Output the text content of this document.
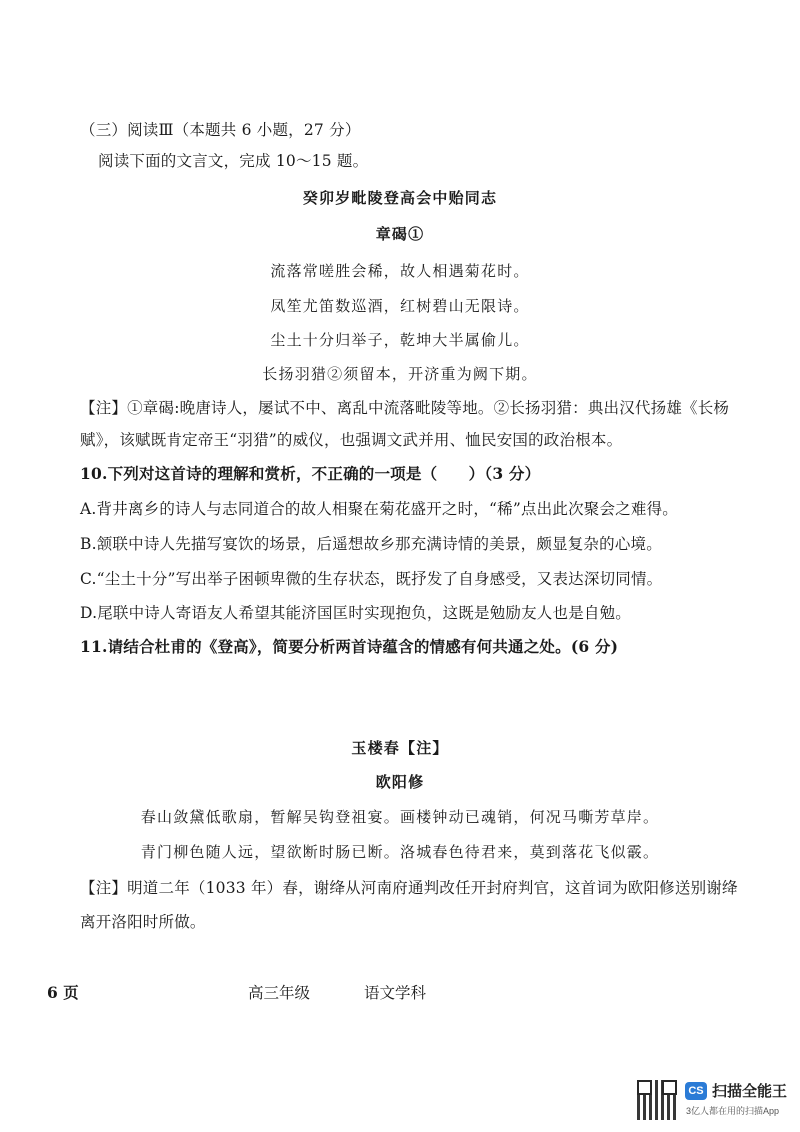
（三）阅读Ⅲ（本题共 6 小题，27 分）
阅读下面的文言文，完成 10～15 题。
癸卯岁毗陵登高会中贻同志
章碣①
流落常嗟胜会稀，故人相遇菊花时。
凤笙尤笛数巡酒，红树碧山无限诗。
尘土十分归举子，乾坤大半属偷儿。
长扬羽猎②须留本，开济重为阙下期。
【注】①章碣:晚唐诗人，屡试不中、离乱中流落毗陵等地。②长扬羽猎：典出汉代扬雄《长杨
赋》，该赋既肯定帝王“羽猎”的威仪，也强调文武并用、恤民安国的政治根本。
10.下列对这首诗的理解和赏析，不正确的一项是（　　）（3 分）
A.背井离乡的诗人与志同道合的故人相聚在菊花盛开之时，“稀”点出此次聚会之难得。
B.颔联中诗人先描写宴饮的场景，后遥想故乡那充满诗情的美景，颇显复杂的心境。
C.“尘土十分”写出举子困顿卑微的生存状态，既抒发了自身感受，又表达深切同情。
D.尾联中诗人寄语友人希望其能济国匡时实现抱负，这既是勉励友人也是自勉。
11.请结合杜甫的《登高》，简要分析两首诗蕴含的情感有何共通之处。(6 分)
玉楼春【注】
欧阳修
春山敛黛低歌扇，暂解吴钩登祖宴。画楼钟动已魂销，何况马嘶芳草岸。
青门柳色随人远，望欲断时肠已断。洛城春色待君来，莫到落花飞似霰。
【注】明道二年（1033 年）春，谢绛从河南府通判改任开封府判官，这首词为欧阳修送别谢绛
离开洛阳时所做。
6 页	高三年级	语文学科
CS 扫描全能王
3亿人都在用的扫描App
